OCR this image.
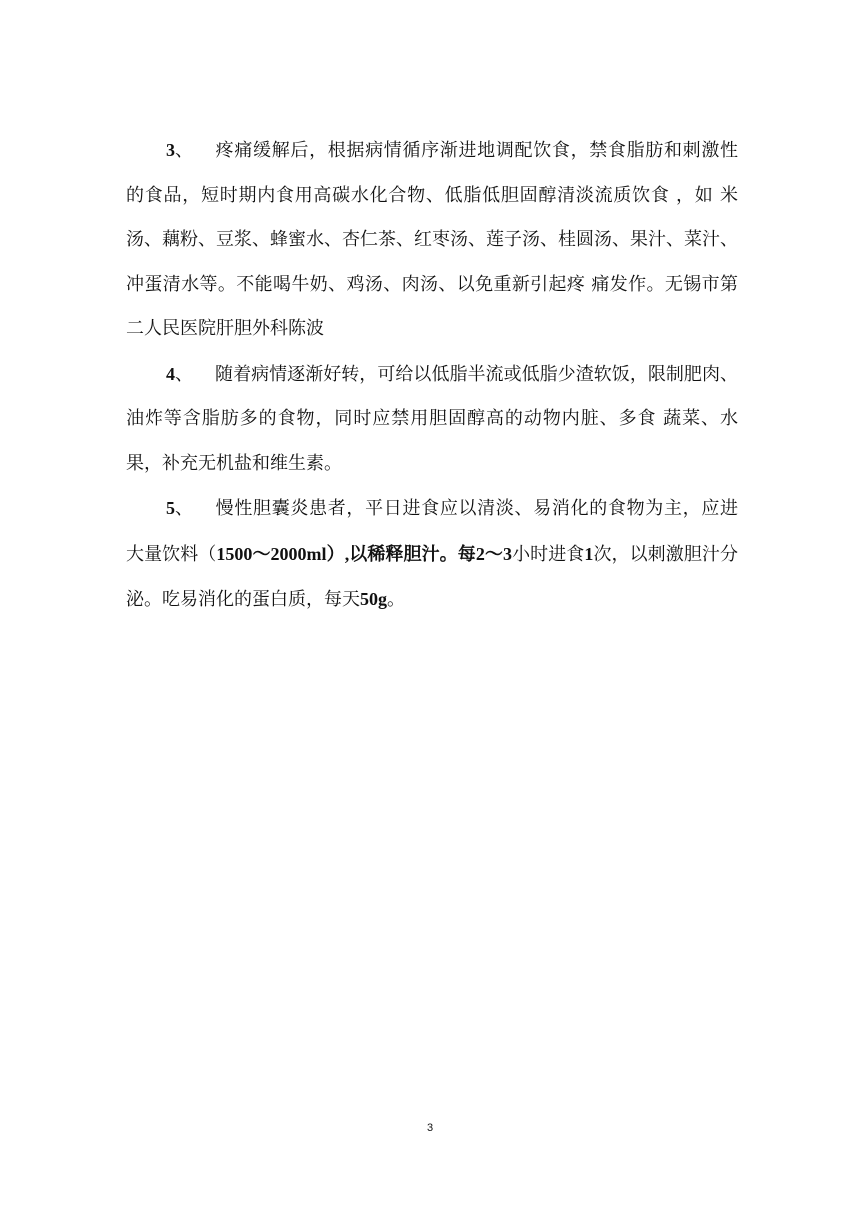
3、 疼痛缓解后，根据病情循序渐进地调配饮食，禁食脂肪和刺激性 的食品，短时期内食用高碳水化合物、低脂低胆固醇清淡流质饮食 ，如 米汤、藕粉、豆浆、蜂蜜水、杏仁茶、红枣汤、莲子汤、桂圆汤、果汁、菜汁、冲蛋清水等。不能喝牛奶、鸡汤、肉汤、以免重新引起疼 痛发作。无锡市第二人民医院肝胆外科陈波

4、 随着病情逐渐好转，可给以低脂半流或低脂少渣软饭，限制肥肉、油炸等含脂肪多的食物，同时应禁用胆固醇高的动物内脏、多食 蔬菜、水果，补充无机盐和维生素。

5、 慢性胆囊炎患者，平日进食应以清淡、易消化的食物为主，应进 大量饮料（1500～2000ml）,以稀释胆汁。每2～3小时进食1次，以刺激胆汁分泌。吃易消化的蛋白质，每天50g。

3
